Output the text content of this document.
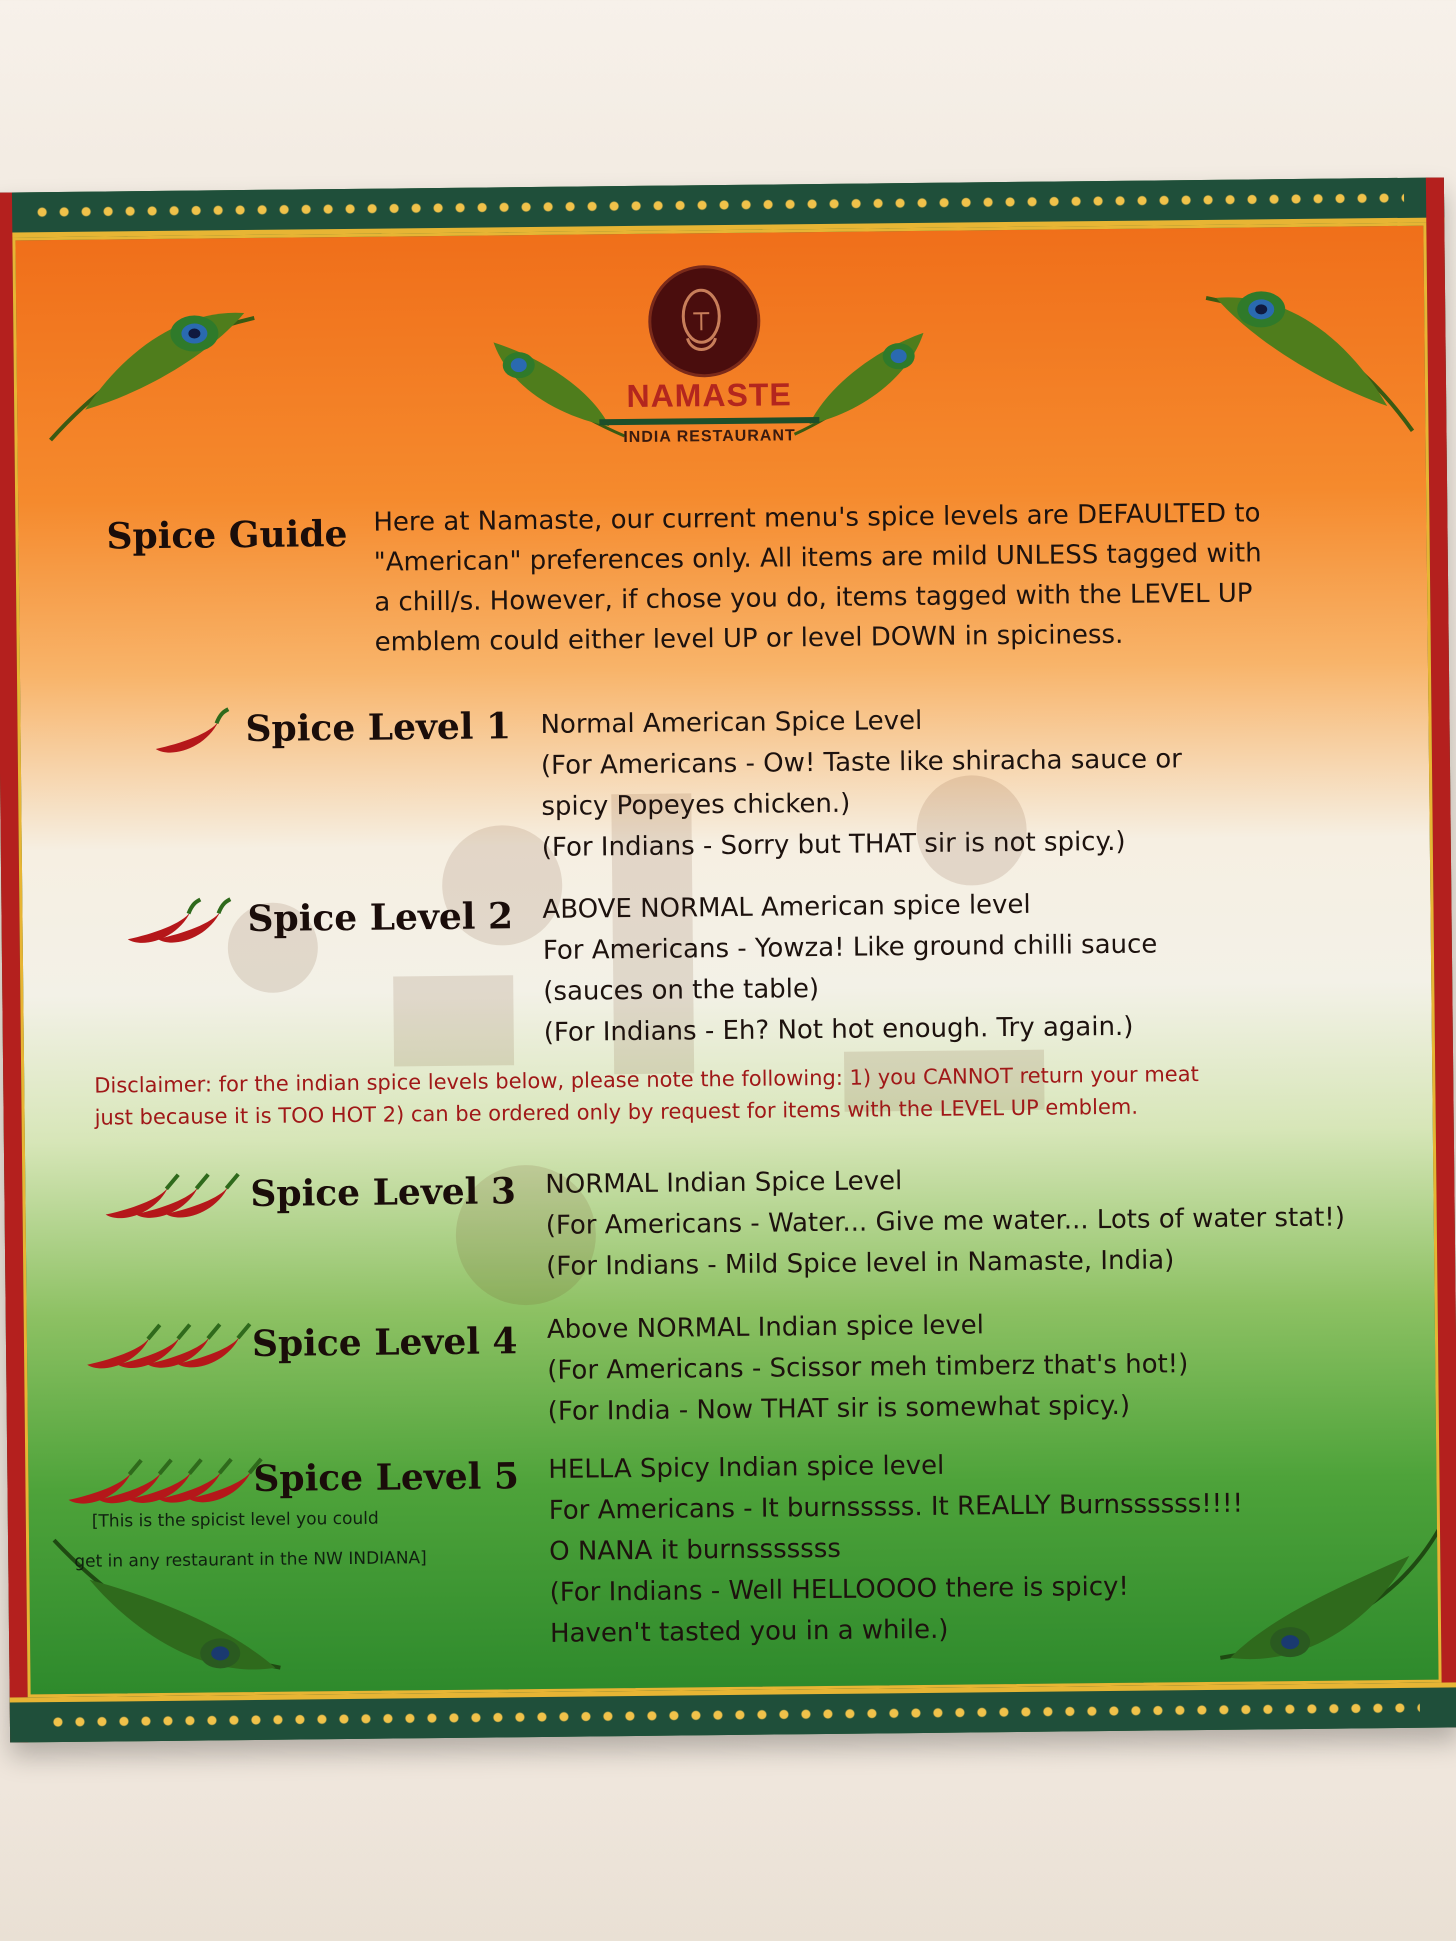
NAMASTE
INDIA RESTAURANT
Spice Guide Here at Namaste, our current menu's spice levels are DEFAULTED to
"American" preferences only. All items are mild UNLESS tagged with
a chill/s. However, if chose you do, items tagged with the LEVEL UP
emblem could either level UP or level DOWN in spiciness.
Spice Level 1 Normal American Spice Level
(For Americans - Ow! Taste like shiracha sauce or
spicy Popeyes chicken.)
(For Indians - Sorry but THAT sir is not spicy.)
Spice Level 2 ABOVE NORMAL American spice level
For Americans - Yowza! Like ground chilli sauce
(sauces on the table)
(For Indians - Eh? Not hot enough. Try again.)
Disclaimer: for the indian spice levels below, please note the following: 1) you CANNOT return your meat
just because it is TOO HOT 2) can be ordered only by request for items with the LEVEL UP emblem.
Spice Level 3 NORMAL Indian Spice Level
(For Americans - Water... Give me water... Lots of water stat!)
(For Indians - Mild Spice level in Namaste, India)
Spice Level 4 Above NORMAL Indian spice level
(For Americans - Scissor meh timberz that's hot!)
(For India - Now THAT sir is somewhat spicy.)
Spice Level 5
[This is the spicist level you could
get in any restaurant in the NW INDIANA]
HELLA Spicy Indian spice level
For Americans - It burnsssss. It REALLY Burnssssss!!!!
O NANA it burnsssssss
(For Indians - Well HELLOOOO there is spicy!
Haven't tasted you in a while.)
